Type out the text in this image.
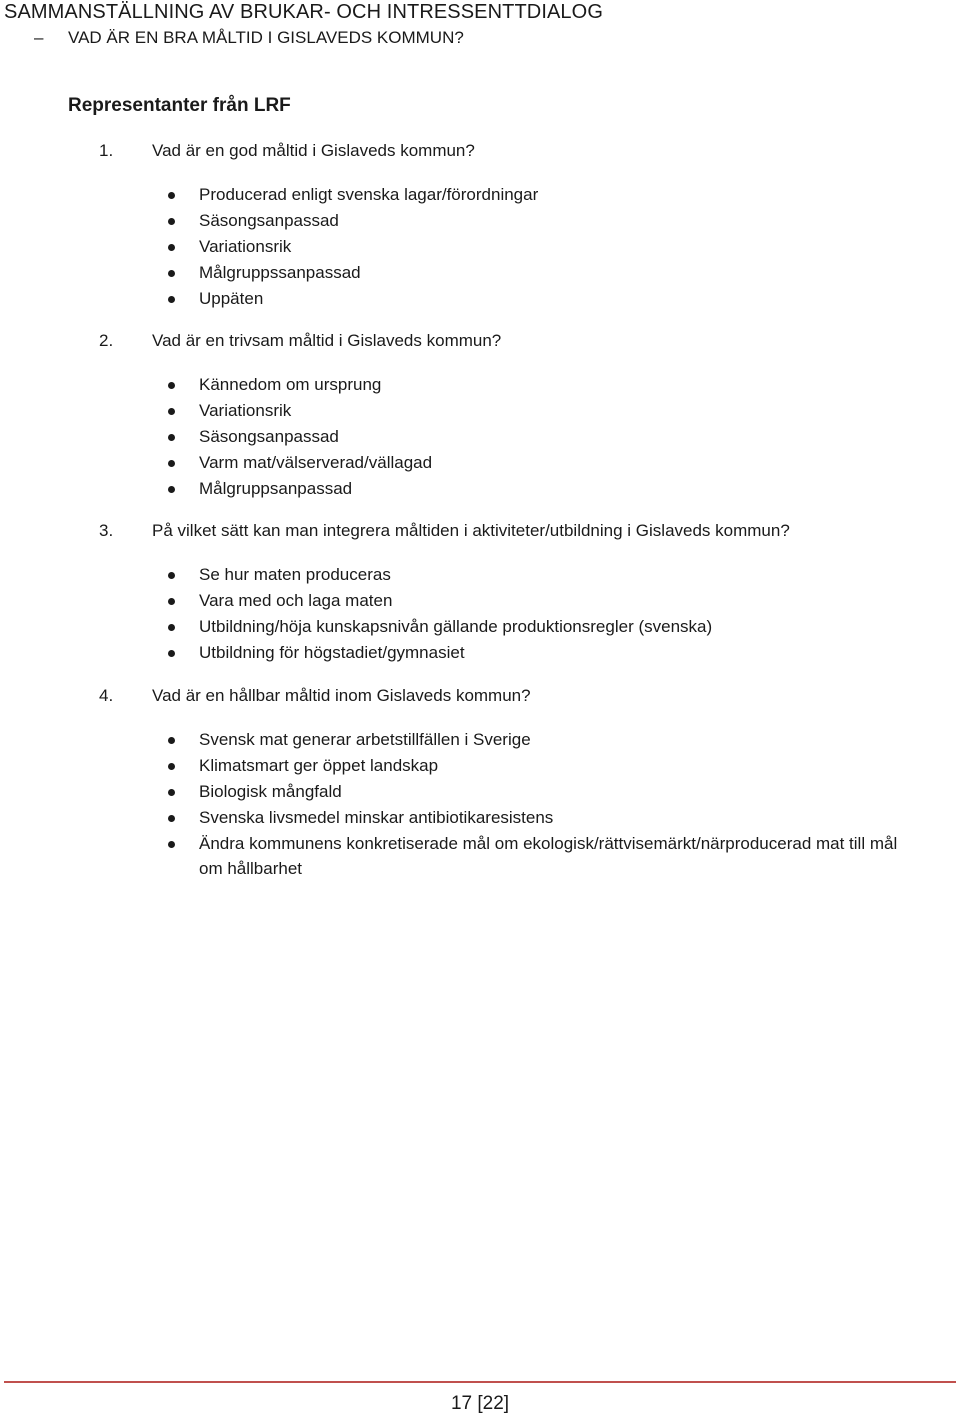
SAMMANSTÄLLNING AV BRUKAR- OCH INTRESSENTTDIALOG
– VAD ÄR EN BRA MÅLTID I GISLAVEDS KOMMUN?
Representanter från LRF
1. Vad är en god måltid i Gislaveds kommun?
Producerad enligt svenska lagar/förordningar
Säsongsanpassad
Variationsrik
Målgruppssanpassad
Uppäten
2. Vad är en trivsam måltid i Gislaveds kommun?
Kännedom om ursprung
Variationsrik
Säsongsanpassad
Varm mat/välserverad/vällagad
Målgruppsanpassad
3. På vilket sätt kan man integrera måltiden i aktiviteter/utbildning i Gislaveds kommun?
Se hur maten produceras
Vara med och laga maten
Utbildning/höja kunskapsnivån gällande produktionsregler (svenska)
Utbildning för högstadiet/gymnasiet
4. Vad är en hållbar måltid inom Gislaveds kommun?
Svensk mat generar arbetstillfällen i Sverige
Klimatsmart ger öppet landskap
Biologisk mångfald
Svenska livsmedel minskar antibiotikaresistens
Ändra kommunens konkretiserade mål om ekologisk/rättvisemärkt/närproducerad mat till mål om hållbarhet
17 [22]
